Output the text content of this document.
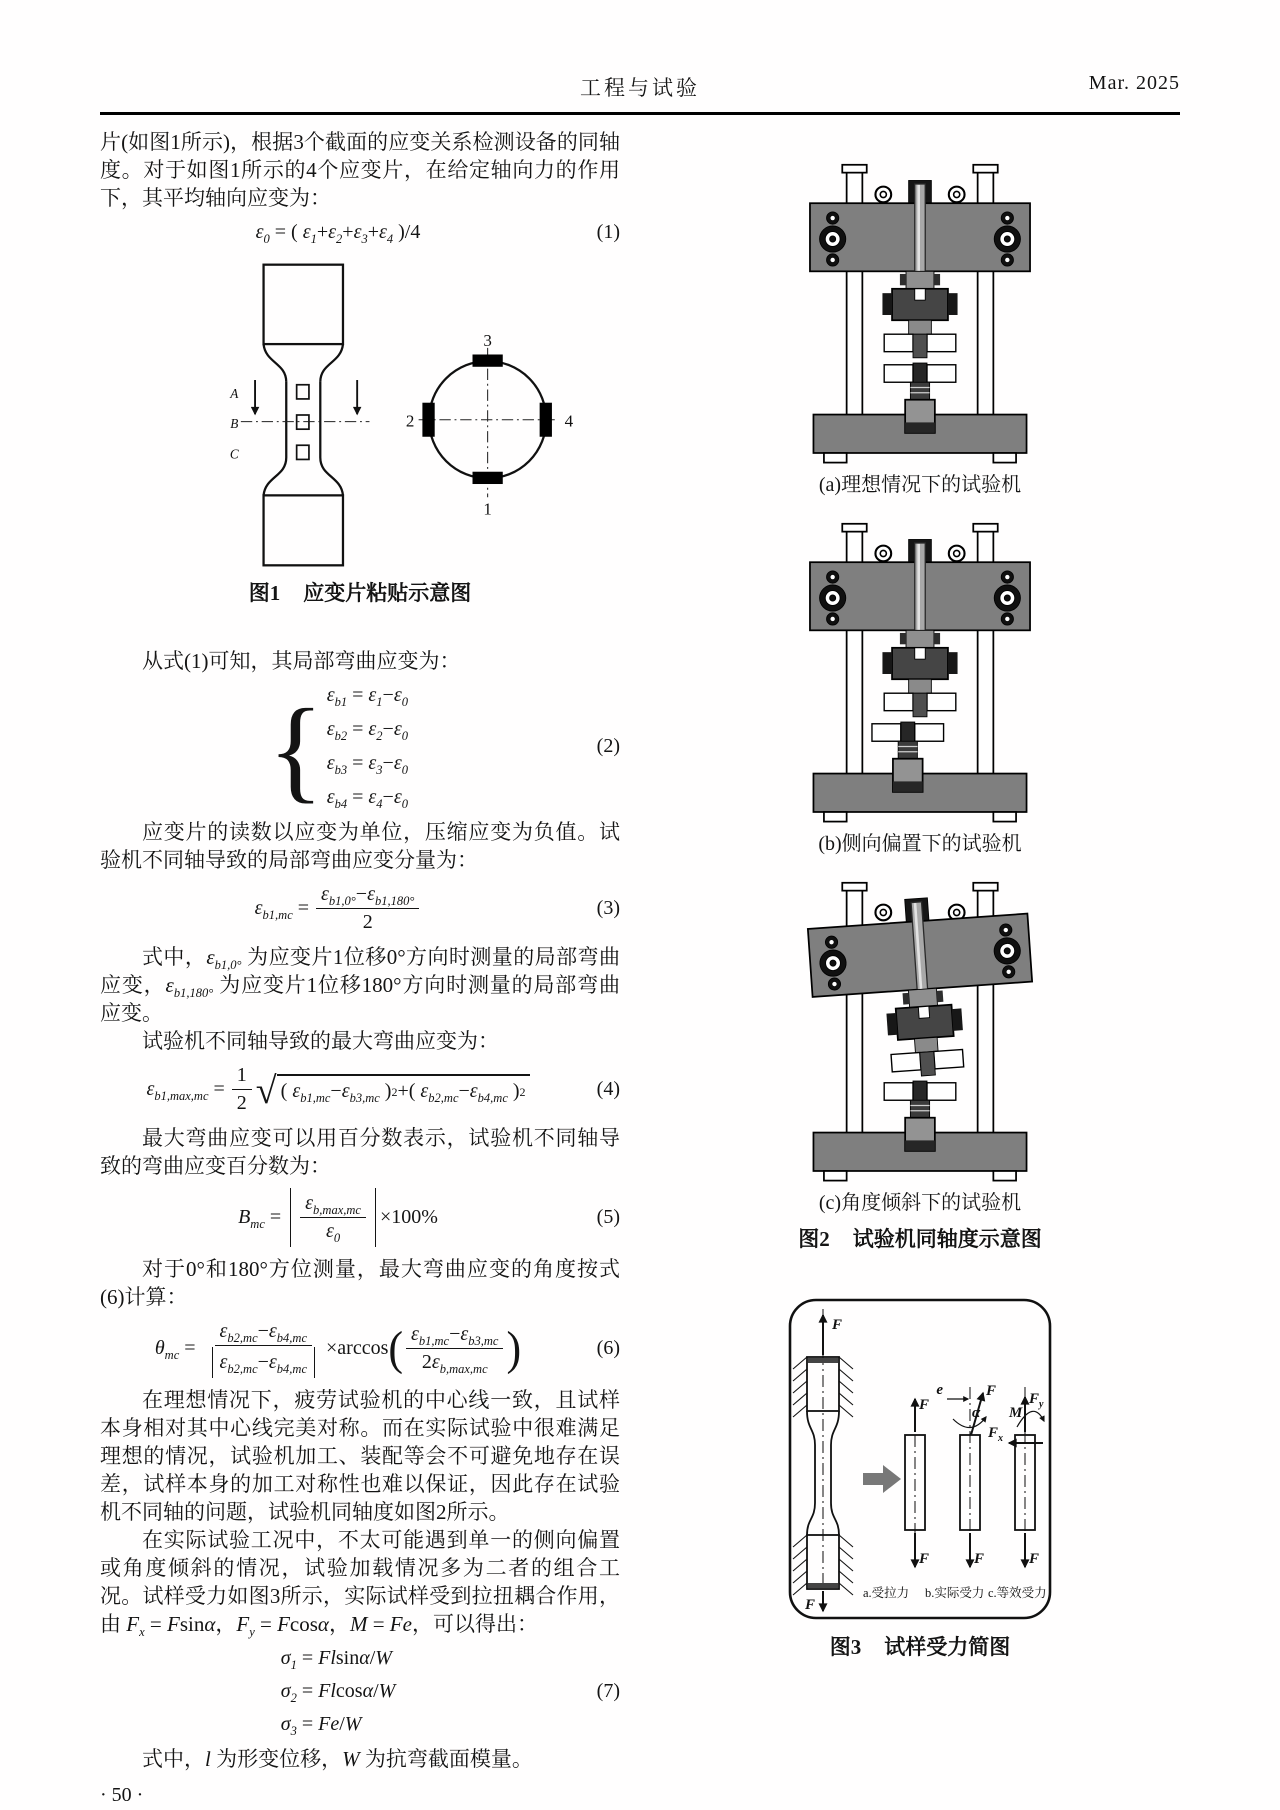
工程与试验	Mar. 2025

片(如图1所示)，根据3个截面的应变关系检测设备的同轴度。对于如图1所示的4个应变片，在给定轴向力的作用下，其平均轴向应变为：

$\varepsilon_0$ = ( $\varepsilon_1 + \varepsilon_2 + \varepsilon_3 + \varepsilon_4$ )/4	(1)
A
B
C
3
1
2	4
图1 应变片粘贴示意图

从式(1)可知，其局部弯曲应变为：

{ $\varepsilon_{b1} = \varepsilon_1 - \varepsilon_0$
$\varepsilon_{b2} = \varepsilon_2 - \varepsilon_0$
$\varepsilon_{b3} = \varepsilon_3 - \varepsilon_0$
$\varepsilon_{b4} = \varepsilon_4 - \varepsilon_0$
(2)

应变片的读数以应变为单位，压缩应变为负值。试验机不同轴导致的局部弯曲应变分量为：

$\varepsilon_{b1,mc} = \frac{\varepsilon_{b1,0^\circ} - \varepsilon_{b1,180^\circ}}{2}$	(3)

式中，$\varepsilon_{b1,0^\circ}$ 为应变片1位移0°方向时测量的局部弯曲应变，$\varepsilon_{b1,180^\circ}$ 为应变片1位移180°方向时测量的局部弯曲应变。

试验机不同轴导致的最大弯曲应变为：

$\varepsilon_{b1,max,mc} = \frac{1}{2}$ √ ( $\varepsilon_{b1,mc} - \varepsilon_{b3,mc}$ ) 2 +( $\varepsilon_{b2,mc} - \varepsilon_{b4,mc}$ ) 2	(4)

最大弯曲应变可以用百分数表示，试验机不同轴导致的弯曲应变百分数为：

$B_{mc} = \frac{\varepsilon_{b,max,mc}}{\varepsilon_0} \times 100\%$	(5)

对于0°和180°方位测量，最大弯曲应变的角度按式(6)计算：

$\theta_{mc} = \frac{\varepsilon_{b2,mc} - \varepsilon_{b4,mc}}{\varepsilon_{b2,mc} - \varepsilon_{b4,mc}} \times\arccos$ ( $\frac{\varepsilon_{b1,mc} - \varepsilon_{b3,mc}}{2 \varepsilon_{b,max,mc}}$ )	(6)

在理想情况下，疲劳试验机的中心线一致，且试样本身相对其中心线完美对称。而在实际试验中很难满足理想的情况，试验机加工、装配等会不可避免地存在误差，试样本身的加工对称性也难以保证，因此存在试验机不同轴的问题，试验机同轴度如图2所示。

在实际试验工况中，不太可能遇到单一的侧向偏置或角度倾斜的情况，试验加载情况多为二者的组合工况。试样受力如图3所示，实际试样受到拉扭耦合作用，由 $F_x = Fsin\alpha$，$F_y = Fcos\alpha$，M = Fe，可以得出：

$\sigma_1 = F$ l sin α / W
$\sigma_2 = F$ l cos α / W
$\sigma_3 = F$ e / W
(7)

式中，l 为形变位移，W 为抗弯截面模量。

· 50 ·
(a)理想情况下的试验机
(b)侧向偏置下的试验机
(c)角度倾斜下的试验机
图2 试验机同轴度示意图
F
F
F
F
e	F
α
F
$F_y$
$F_x$
M
F
a.受拉力 b.实际受力 c.等效受力
图3 试样受力简图
